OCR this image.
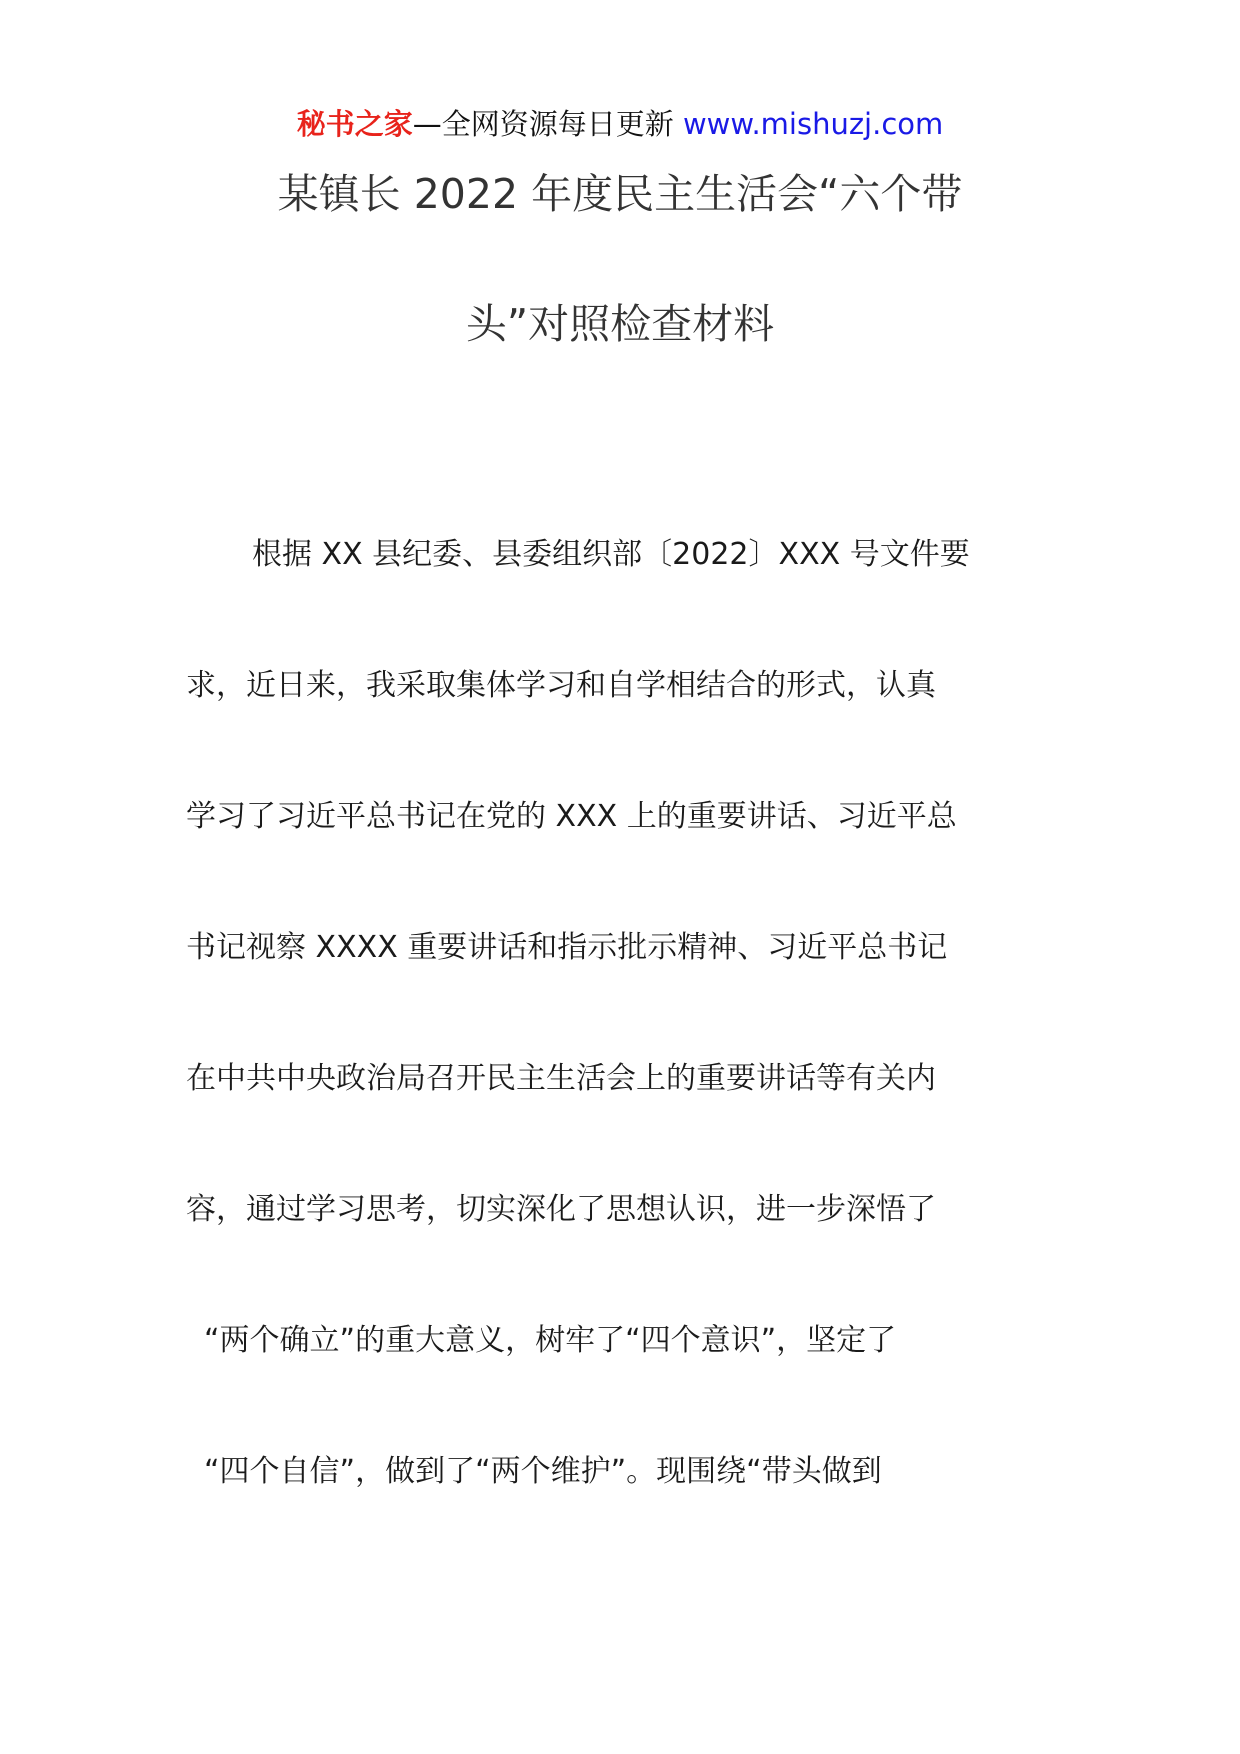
秘书之家—全网资源每日更新 www.mishuzj.com
某镇长 2022 年度民主生活会“六个带
头”对照检查材料
根据 XX 县纪委、县委组织部〔2022〕XXX 号文件要
求，近日来，我采取集体学习和自学相结合的形式，认真
学习了习近平总书记在党的 XXX 上的重要讲话、习近平总
书记视察 XXXX 重要讲话和指示批示精神、习近平总书记
在中共中央政治局召开民主生活会上的重要讲话等有关内
容，通过学习思考，切实深化了思想认识，进一步深悟了
“两个确立”的重大意义，树牢了“四个意识”，坚定了
“四个自信”，做到了“两个维护”。现围绕“带头做到
